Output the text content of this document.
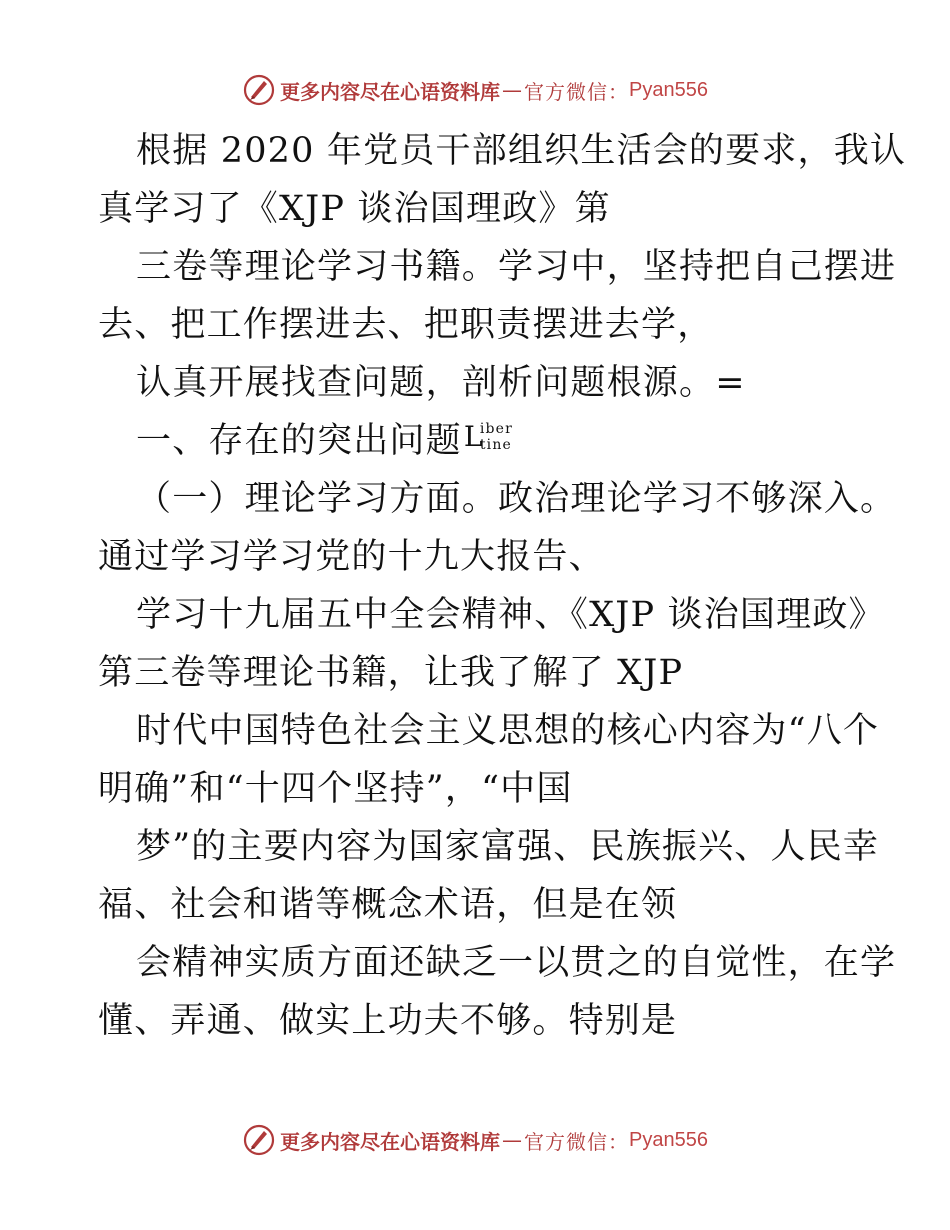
更多内容尽在心语资料库 — 官方微信： Pyan556
根据 2020 年党员干部组织生活会的要求，我认
真学习了《XJP 谈治国理政》第
三卷等理论学习书籍。学习中，坚持把自己摆进
去、把工作摆进去、把职责摆进去学，
认真开展找查问题，剖析问题根源。=
一、存在的突出问题 L
iber
tine
（一）理论学习方面。政治理论学习不够深入。
通过学习学习党的十九大报告、
学习十九届五中全会精神、《XJP 谈治国理政》
第三卷等理论书籍，让我了解了 XJP
时代中国特色社会主义思想的核心内容为“八个
明确”和“十四个坚持”，“中国
梦”的主要内容为国家富强、民族振兴、人民幸
福、社会和谐等概念术语，但是在领
会精神实质方面还缺乏一以贯之的自觉性，在学
懂、弄通、做实上功夫不够。特别是
更多内容尽在心语资料库 — 官方微信： Pyan556
